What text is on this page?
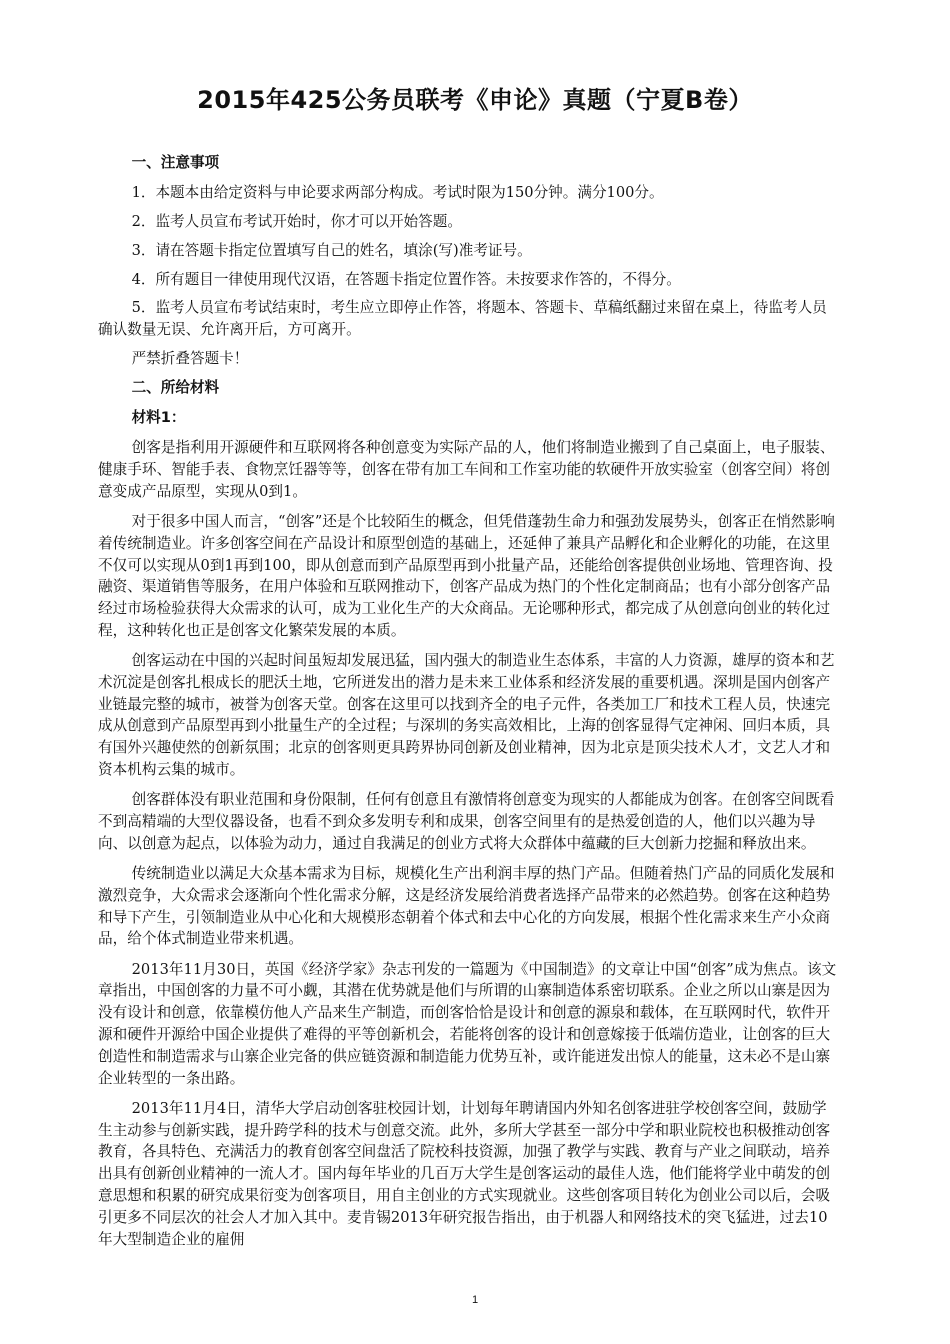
2015年425公务员联考《申论》真题（宁夏B卷）
一、注意事项

1．本题本由给定资料与申论要求两部分构成。考试时限为150分钟。满分100分。

2．监考人员宣布考试开始时，你才可以开始答题。

3．请在答题卡指定位置填写自己的姓名，填涂(写)准考证号。

4．所有题目一律使用现代汉语，在答题卡指定位置作答。未按要求作答的，不得分。

5．监考人员宣布考试结束时，考生应立即停止作答，将题本、答题卡、草稿纸翻过来留在桌上，待监考人员确认数量无误、允许离开后，方可离开。

严禁折叠答题卡！

二、所给材料
材料1：

创客是指利用开源硬件和互联网将各种创意变为实际产品的人，他们将制造业搬到了自己桌面上，电子服装、健康手环、智能手表、食物烹饪器等等，创客在带有加工车间和工作室功能的软硬件开放实验室（创客空间）将创意变成产品原型，实现从0到1。

对于很多中国人而言，“创客”还是个比较陌生的概念，但凭借蓬勃生命力和强劲发展势头，创客正在悄然影响着传统制造业。许多创客空间在产品设计和原型创造的基础上，还延伸了兼具产品孵化和企业孵化的功能，在这里不仅可以实现从0到1再到100，即从创意而到产品原型再到小批量产品，还能给创客提供创业场地、管理咨询、投融资、渠道销售等服务，在用户体验和互联网推动下，创客产品成为热门的个性化定制商品；也有小部分创客产品经过市场检验获得大众需求的认可，成为工业化生产的大众商品。无论哪种形式，都完成了从创意向创业的转化过程，这种转化也正是创客文化繁荣发展的本质。

创客运动在中国的兴起时间虽短却发展迅猛，国内强大的制造业生态体系，丰富的人力资源，雄厚的资本和艺术沉淀是创客扎根成长的肥沃土地，它所迸发出的潜力是未来工业体系和经济发展的重要机遇。深圳是国内创客产业链最完整的城市，被誉为创客天堂。创客在这里可以找到齐全的电子元件，各类加工厂和技术工程人员，快速完成从创意到产品原型再到小批量生产的全过程；与深圳的务实高效相比，上海的创客显得气定神闲、回归本质，具有国外兴趣使然的创新氛围；北京的创客则更具跨界协同创新及创业精神，因为北京是顶尖技术人才，文艺人才和资本机构云集的城市。

创客群体没有职业范围和身份限制，任何有创意且有激情将创意变为现实的人都能成为创客。在创客空间既看不到高精端的大型仪器设备，也看不到众多发明专利和成果，创客空间里有的是热爱创造的人，他们以兴趣为导向、以创意为起点，以体验为动力，通过自我满足的创业方式将大众群体中蕴藏的巨大创新力挖掘和释放出来。

传统制造业以满足大众基本需求为目标，规模化生产出利润丰厚的热门产品。但随着热门产品的同质化发展和激烈竞争，大众需求会逐渐向个性化需求分解，这是经济发展给消费者选择产品带来的必然趋势。创客在这种趋势和导下产生，引领制造业从中心化和大规模形态朝着个体式和去中心化的方向发展，根据个性化需求来生产小众商品，给个体式制造业带来机遇。

2013年11月30日，英国《经济学家》杂志刊发的一篇题为《中国制造》的文章让中国“创客”成为焦点。该文章指出，中国创客的力量不可小觑，其潜在优势就是他们与所谓的山寨制造体系密切联系。企业之所以山寨是因为没有设计和创意，依靠模仿他人产品来生产制造，而创客恰恰是设计和创意的源泉和载体，在互联网时代，软件开源和硬件开源给中国企业提供了难得的平等创新机会，若能将创客的设计和创意嫁接于低端仿造业，让创客的巨大创造性和制造需求与山寨企业完备的供应链资源和制造能力优势互补，或许能迸发出惊人的能量，这未必不是山寨企业转型的一条出路。

2013年11月4日，清华大学启动创客驻校园计划，计划每年聘请国内外知名创客进驻学校创客空间，鼓励学生主动参与创新实践，提升跨学科的技术与创意交流。此外，多所大学甚至一部分中学和职业院校也积极推动创客教育，各具特色、充满活力的教育创客空间盘活了院校科技资源，加强了教学与实践、教育与产业之间联动，培养出具有创新创业精神的一流人才。国内每年毕业的几百万大学生是创客运动的最佳人选，他们能将学业中萌发的创意思想和积累的研究成果衍变为创客项目，用自主创业的方式实现就业。这些创客项目转化为创业公司以后，会吸引更多不同层次的社会人才加入其中。麦肯锡2013年研究报告指出，由于机器人和网络技术的突飞猛进，过去10年大型制造企业的雇佣

1
